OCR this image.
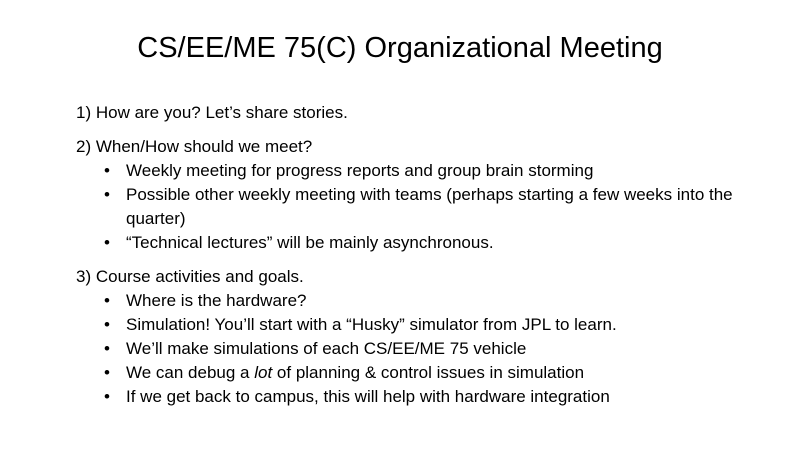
CS/EE/ME 75(C) Organizational Meeting
1) How are you? Let’s share stories.
2) When/How should we meet?
• Weekly meeting for progress reports and group brain storming
• Possible other weekly meeting with teams (perhaps starting a few weeks into the quarter)
• “Technical lectures” will be mainly asynchronous.
3) Course activities and goals.
• Where is the hardware?
• Simulation! You’ll start with a “Husky” simulator from JPL to learn.
• We’ll make simulations of each CS/EE/ME 75 vehicle
• We can debug a lot of planning & control issues in simulation
• If we get back to campus, this will help with hardware integration
